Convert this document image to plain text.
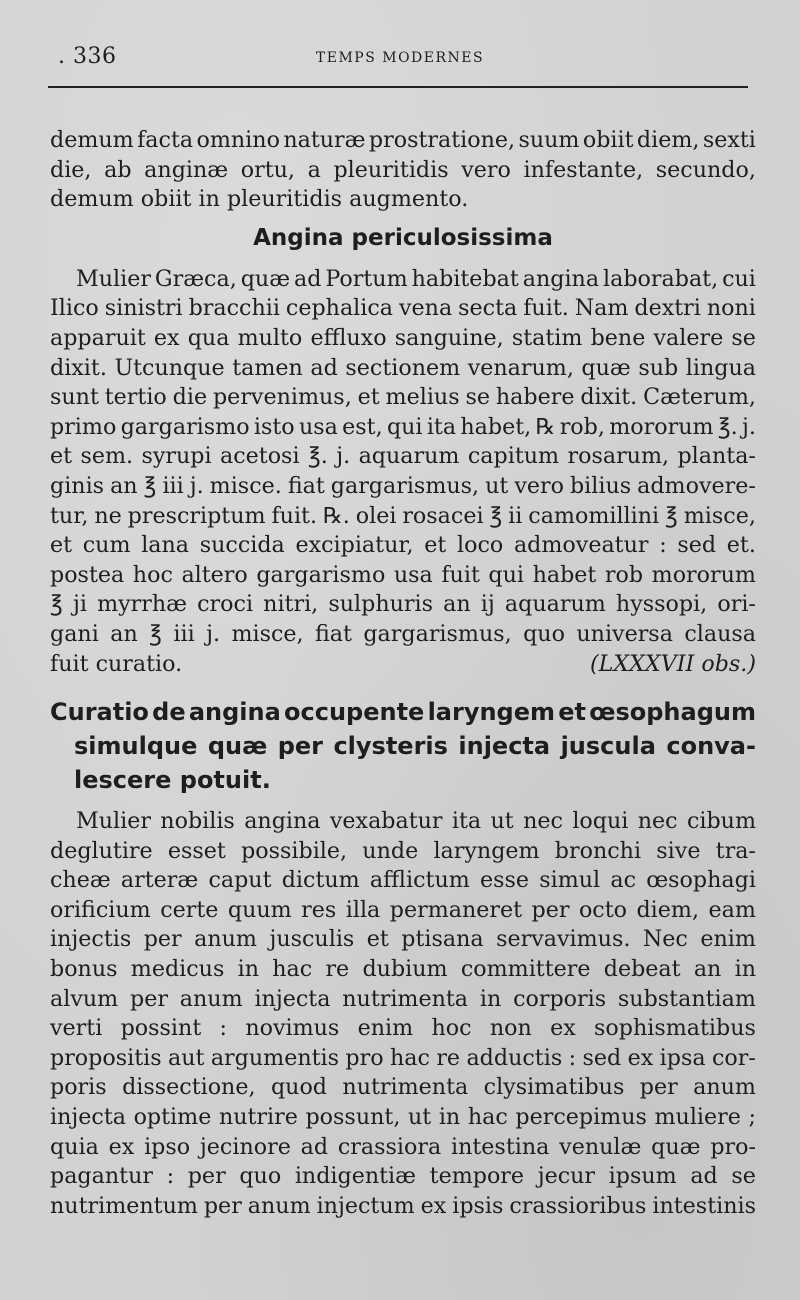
. 336	TEMPS MODERNES
demum facta omnino naturæ prostratione, suum obiit diem, sexti
die, ab anginæ ortu, a pleuritidis vero infestante, secundo,
demum obiit in pleuritidis augmento.
Angina periculosissima
Mulier Græca, quæ ad Portum habitebat angina laborabat, cui
Ilico sinistri bracchii cephalica vena secta fuit. Nam dextri noni
apparuit ex qua multo effluxo sanguine, statim bene valere se
dixit. Utcunque tamen ad sectionem venarum, quæ sub lingua
sunt tertio die pervenimus, et melius se habere dixit. Cæterum,
primo gargarismo isto usa est, qui ita habet, ℞ rob, mororum ℥. j.
et sem. syrupi acetosi ℥. j. aquarum capitum rosarum, planta-
ginis an ℥ iii j. misce. fiat gargarismus, ut vero bilius admovere-
tur, ne prescriptum fuit. ℞. olei rosacei ℥ ii camomillini ℥ misce,
et cum lana succida excipiatur, et loco admoveatur : sed et.
postea hoc altero gargarismo usa fuit qui habet rob mororum
℥ ji myrrhæ croci nitri, sulphuris an ij aquarum hyssopi, ori-
gani an ℥ iii j. misce, fiat gargarismus, quo universa clausa
fuit curatio.	(LXXXVII obs.)
Curatio de angina occupente laryngem et œsophagum
simulque quæ per clysteris injecta juscula conva-
lescere potuit.
Mulier nobilis angina vexabatur ita ut nec loqui nec cibum
deglutire esset possibile, unde laryngem bronchi sive tra-
cheæ arteræ caput dictum afflictum esse simul ac œsophagi
orificium certe quum res illa permaneret per octo diem, eam
injectis per anum jusculis et ptisana servavimus. Nec enim
bonus medicus in hac re dubium committere debeat an in
alvum per anum injecta nutrimenta in corporis substantiam
verti possint : novimus enim hoc non ex sophismatibus
propositis aut argumentis pro hac re adductis : sed ex ipsa cor-
poris dissectione, quod nutrimenta clysimatibus per anum
injecta optime nutrire possunt, ut in hac percepimus muliere ;
quia ex ipso jecinore ad crassiora intestina venulæ quæ pro-
pagantur : per quo indigentiæ tempore jecur ipsum ad se
nutrimentum per anum injectum ex ipsis crassioribus intestinis
